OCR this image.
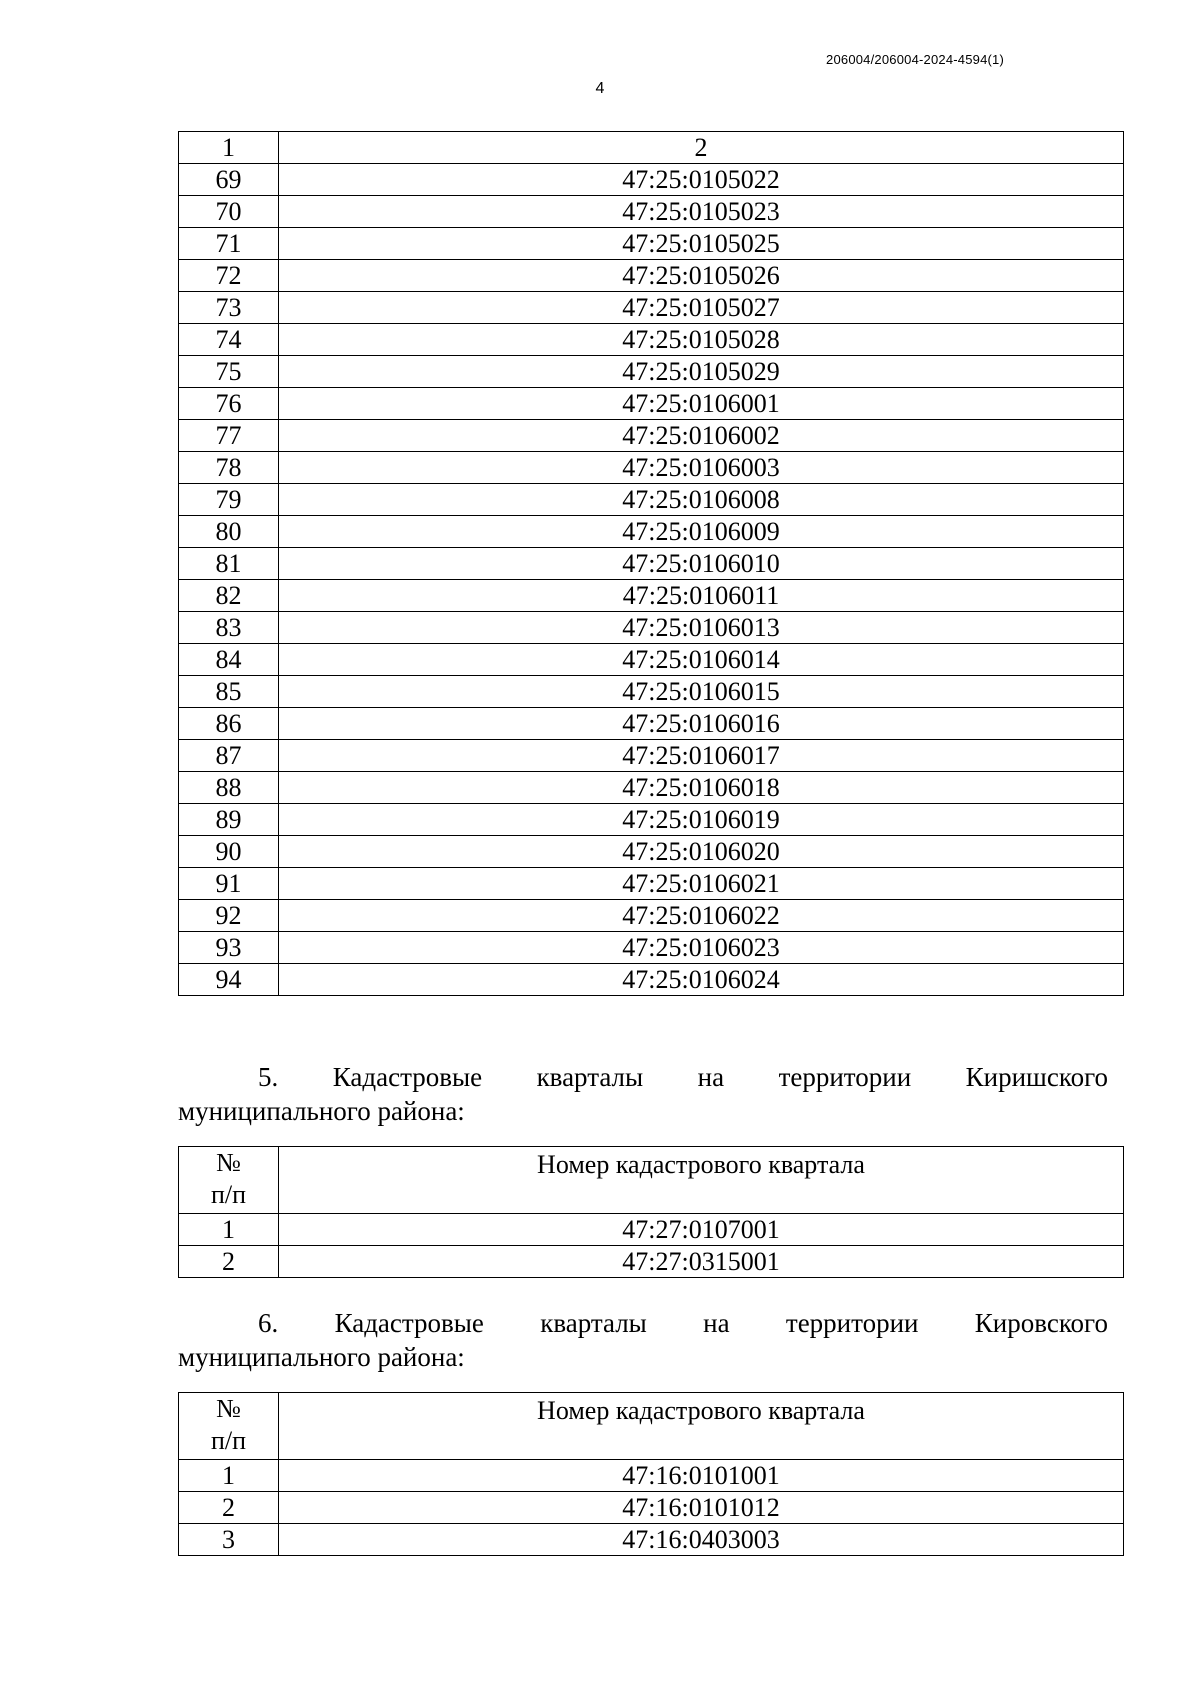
206004/206004-2024-4594(1)
4
1	2
69	47:25:0105022
70	47:25:0105023
71	47:25:0105025
72	47:25:0105026
73	47:25:0105027
74	47:25:0105028
75	47:25:0105029
76	47:25:0106001
77	47:25:0106002
78	47:25:0106003
79	47:25:0106008
80	47:25:0106009
81	47:25:0106010
82	47:25:0106011
83	47:25:0106013
84	47:25:0106014
85	47:25:0106015
86	47:25:0106016
87	47:25:0106017
88	47:25:0106018
89	47:25:0106019
90	47:25:0106020
91	47:25:0106021
92	47:25:0106022
93	47:25:0106023
94	47:25:0106024
5. Кадастровые кварталы на территории Киришского
муниципального района:
№
п/п	Номер кадастрового квартала
1	47:27:0107001
2	47:27:0315001
6. Кадастровые кварталы на территории Кировского
муниципального района:
№
п/п	Номер кадастрового квартала
1	47:16:0101001
2	47:16:0101012
3	47:16:0403003
